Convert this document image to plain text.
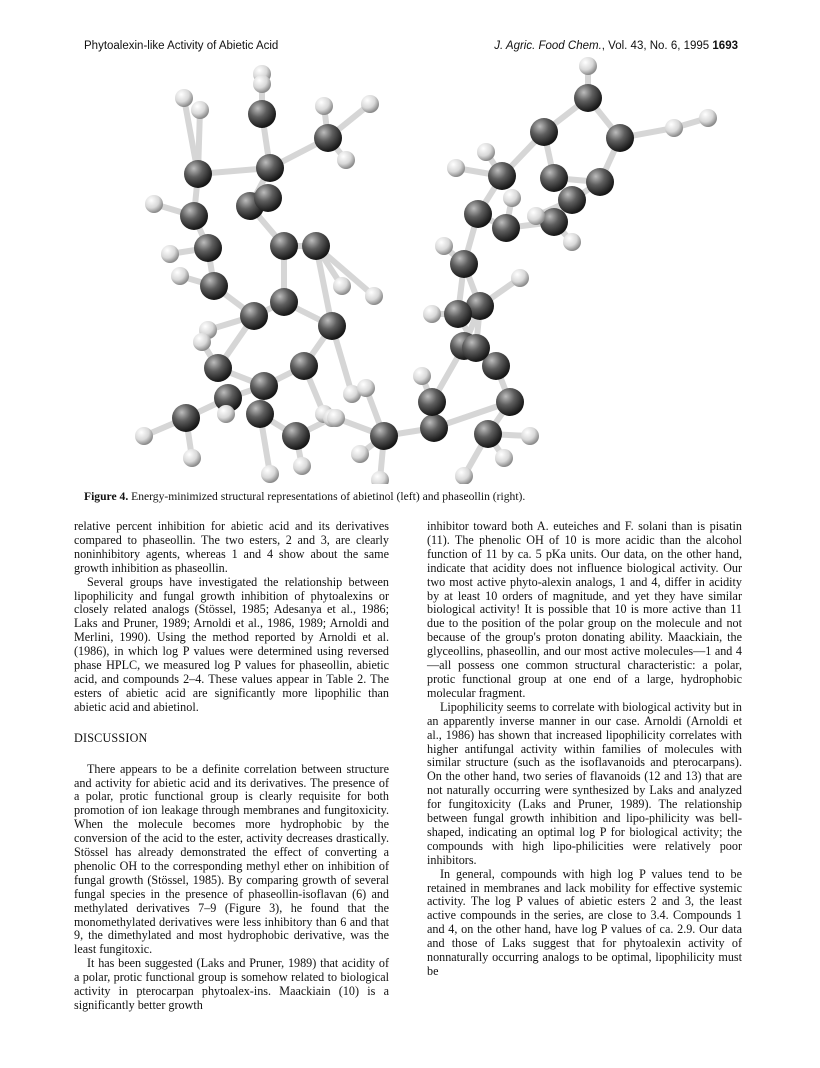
Phytoalexin-like Activity of Abietic Acid	J. Agric. Food Chem., Vol. 43, No. 6, 1995 1693
Figure 4. Energy-minimized structural representations of abietinol (left) and phaseollin (right).

relative percent inhibition for abietic acid and its derivatives compared to phaseollin. The two esters, 2 and 3, are clearly noninhibitory agents, whereas 1 and 4 show about the same growth inhibition as phaseollin.

Several groups have investigated the relationship between lipophilicity and fungal growth inhibition of phytoalexins or closely related analogs (Stössel, 1985; Adesanya et al., 1986; Laks and Pruner, 1989; Arnoldi et al., 1986, 1989; Arnoldi and Merlini, 1990). Using the method reported by Arnoldi et al. (1986), in which log P values were determined using reversed phase HPLC, we measured log P values for phaseollin, abietic acid, and compounds 2–4. These values appear in Table 2. The esters of abietic acid are significantly more lipophilic than abietic acid and abietinol.

DISCUSSION

There appears to be a definite correlation between structure and activity for abietic acid and its derivatives. The presence of a polar, protic functional group is clearly requisite for both promotion of ion leakage through membranes and fungitoxicity. When the molecule becomes more hydrophobic by the conversion of the acid to the ester, activity decreases drastically. Stössel has already demonstrated the effect of converting a phenolic OH to the corresponding methyl ether on inhibition of fungal growth (Stössel, 1985). By comparing growth of several fungal species in the presence of phaseollin-isoflavan (6) and methylated derivatives 7–9 (Figure 3), he found that the monomethylated derivatives were less inhibitory than 6 and that 9, the dimethylated and most hydrophobic derivative, was the least fungitoxic.

It has been suggested (Laks and Pruner, 1989) that acidity of a polar, protic functional group is somehow related to biological activity in pterocarpan phytoalex-ins. Maackiain (10) is a significantly better growth

inhibitor toward both A. euteiches and F. solani than is pisatin (11). The phenolic OH of 10 is more acidic than the alcohol function of 11 by ca. 5 pKa units. Our data, on the other hand, indicate that acidity does not influence biological activity. Our two most active phyto-alexin analogs, 1 and 4, differ in acidity by at least 10 orders of magnitude, and yet they have similar biological activity! It is possible that 10 is more active than 11 due to the position of the polar group on the molecule and not because of the group's proton donating ability. Maackiain, the glyceollins, phaseollin, and our most active molecules—1 and 4—all possess one common structural characteristic: a polar, protic functional group at one end of a large, hydrophobic molecular fragment.

Lipophilicity seems to correlate with biological activity but in an apparently inverse manner in our case. Arnoldi (Arnoldi et al., 1986) has shown that increased lipophilicity correlates with higher antifungal activity within families of molecules with similar structure (such as the isoflavanoids and pterocarpans). On the other hand, two series of flavanoids (12 and 13) that are not naturally occurring were synthesized by Laks and analyzed for fungitoxicity (Laks and Pruner, 1989). The relationship between fungal growth inhibition and lipo-philicity was bell-shaped, indicating an optimal log P for biological activity; the compounds with high lipo-philicities were relatively poor inhibitors.

In general, compounds with high log P values tend to be retained in membranes and lack mobility for effective systemic activity. The log P values of abietic esters 2 and 3, the least active compounds in the series, are close to 3.4. Compounds 1 and 4, on the other hand, have log P values of ca. 2.9. Our data and those of Laks suggest that for phytoalexin activity of nonnaturally occurring analogs to be optimal, lipophilicity must be
